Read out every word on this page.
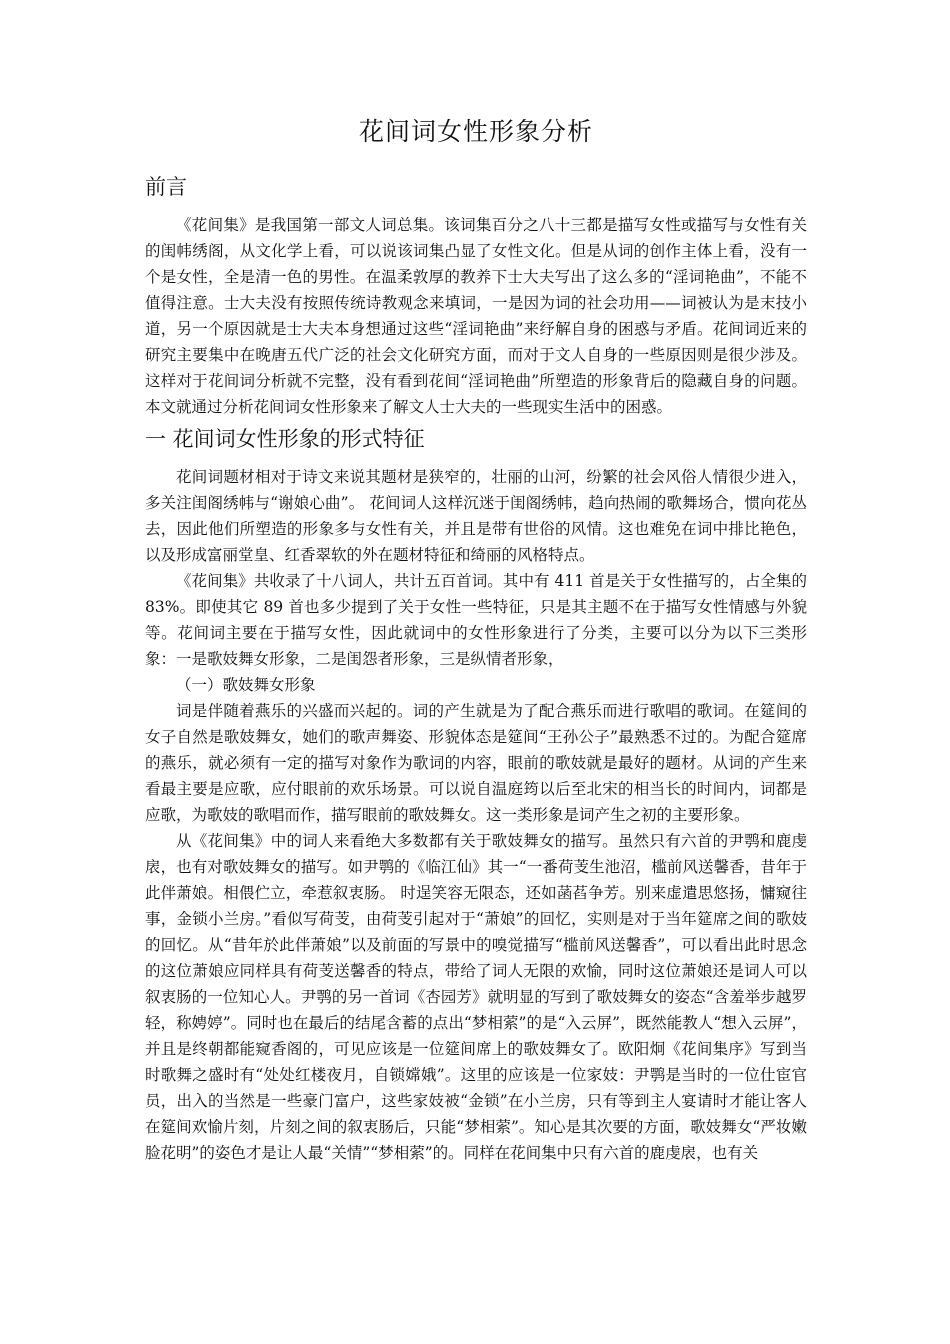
花间词女性形象分析
前言

《花间集》是我国第一部文人词总集。该词集百分之八十三都是描写女性或描写与女性有关的闺帏绣阁，从文化学上看，可以说该词集凸显了女性文化。但是从词的创作主体上看，没有一个是女性，全是清一色的男性。在温柔敦厚的教养下士大夫写出了这么多的“淫词艳曲”，不能不值得注意。士大夫没有按照传统诗教观念来填词，一是因为词的社会功用——词被认为是末技小道，另一个原因就是士大夫本身想通过这些“淫词艳曲”来纾解自身的困惑与矛盾。花间词近来的研究主要集中在晚唐五代广泛的社会文化研究方面，而对于文人自身的一些原因则是很少涉及。这样对于花间词分析就不完整，没有看到花间“淫词艳曲”所塑造的形象背后的隐藏自身的问题。本文就通过分析花间词女性形象来了解文人士大夫的一些现实生活中的困惑。

一 花间词女性形象的形式特征

花间词题材相对于诗文来说其题材是狭窄的，壮丽的山河，纷繁的社会风俗人情很少进入，多关注闺阁绣帏与“谢娘心曲”。 花间词人这样沉迷于闺阁绣帏，趋向热闹的歌舞场合，惯向花丛去，因此他们所塑造的形象多与女性有关，并且是带有世俗的风情。这也难免在词中排比艳色，以及形成富丽堂皇、红香翠软的外在题材特征和绮丽的风格特点。

《花间集》共收录了十八词人，共计五百首词。其中有 411 首是关于女性描写的，占全集的 83%。即使其它 89 首也多少提到了关于女性一些特征，只是其主题不在于描写女性情感与外貌等。花间词主要在于描写女性，因此就词中的女性形象进行了分类，主要可以分为以下三类形象：一是歌妓舞女形象，二是闺怨者形象，三是纵情者形象，

（一）歌妓舞女形象

词是伴随着燕乐的兴盛而兴起的。词的产生就是为了配合燕乐而进行歌唱的歌词。在筵间的女子自然是歌妓舞女，她们的歌声舞姿、形貌体态是筵间“王孙公子”最熟悉不过的。为配合筵席的燕乐，就必须有一定的描写对象作为歌词的内容，眼前的歌妓就是最好的题材。从词的产生来看最主要是应歌，应付眼前的欢乐场景。可以说自温庭筠以后至北宋的相当长的时间内，词都是应歌，为歌妓的歌唱而作，描写眼前的歌妓舞女。这一类形象是词产生之初的主要形象。

从《花间集》中的词人来看绝大多数都有关于歌妓舞女的描写。虽然只有六首的尹鹗和鹿虔扆，也有对歌妓舞女的描写。如尹鹗的《临江仙》其一“一番荷芰生池沼，槛前风送馨香，昔年于此伴萧娘。相偎伫立，牵惹叙衷肠。 时逞笑容无限态，还如菡萏争芳。别来虚遣思悠扬，慵窥往事，金锁小兰房。”看似写荷芰，由荷芰引起对于“萧娘”的回忆，实则是对于当年筵席之间的歌妓的回忆。从“昔年於此伴萧娘”以及前面的写景中的嗅觉描写“槛前风送馨香”，可以看出此时思念的这位萧娘应同样具有荷芰送馨香的特点，带给了词人无限的欢愉，同时这位萧娘还是词人可以叙衷肠的一位知心人。尹鹗的另一首词《杏园芳》就明显的写到了歌妓舞女的姿态“含羞举步越罗轻，称娉婷”。同时也在最后的结尾含蓄的点出“梦相萦”的是“入云屏”，既然能教人“想入云屏”，并且是终朝都能窥香阁的，可见应该是一位筵间席上的歌妓舞女了。欧阳炯《花间集序》写到当时歌舞之盛时有“处处红楼夜月，自锁嫦娥”。这里的应该是一位家妓：尹鹗是当时的一位仕宦官员，出入的当然是一些豪门富户，这些家妓被“金锁”在小兰房，只有等到主人宴请时才能让客人在筵间欢愉片刻，片刻之间的叙衷肠后，只能“梦相萦”。知心是其次要的方面，歌妓舞女“严妆嫩脸花明”的姿色才是让人最“关情”“梦相萦”的。同样在花间集中只有六首的鹿虔扆，也有关
